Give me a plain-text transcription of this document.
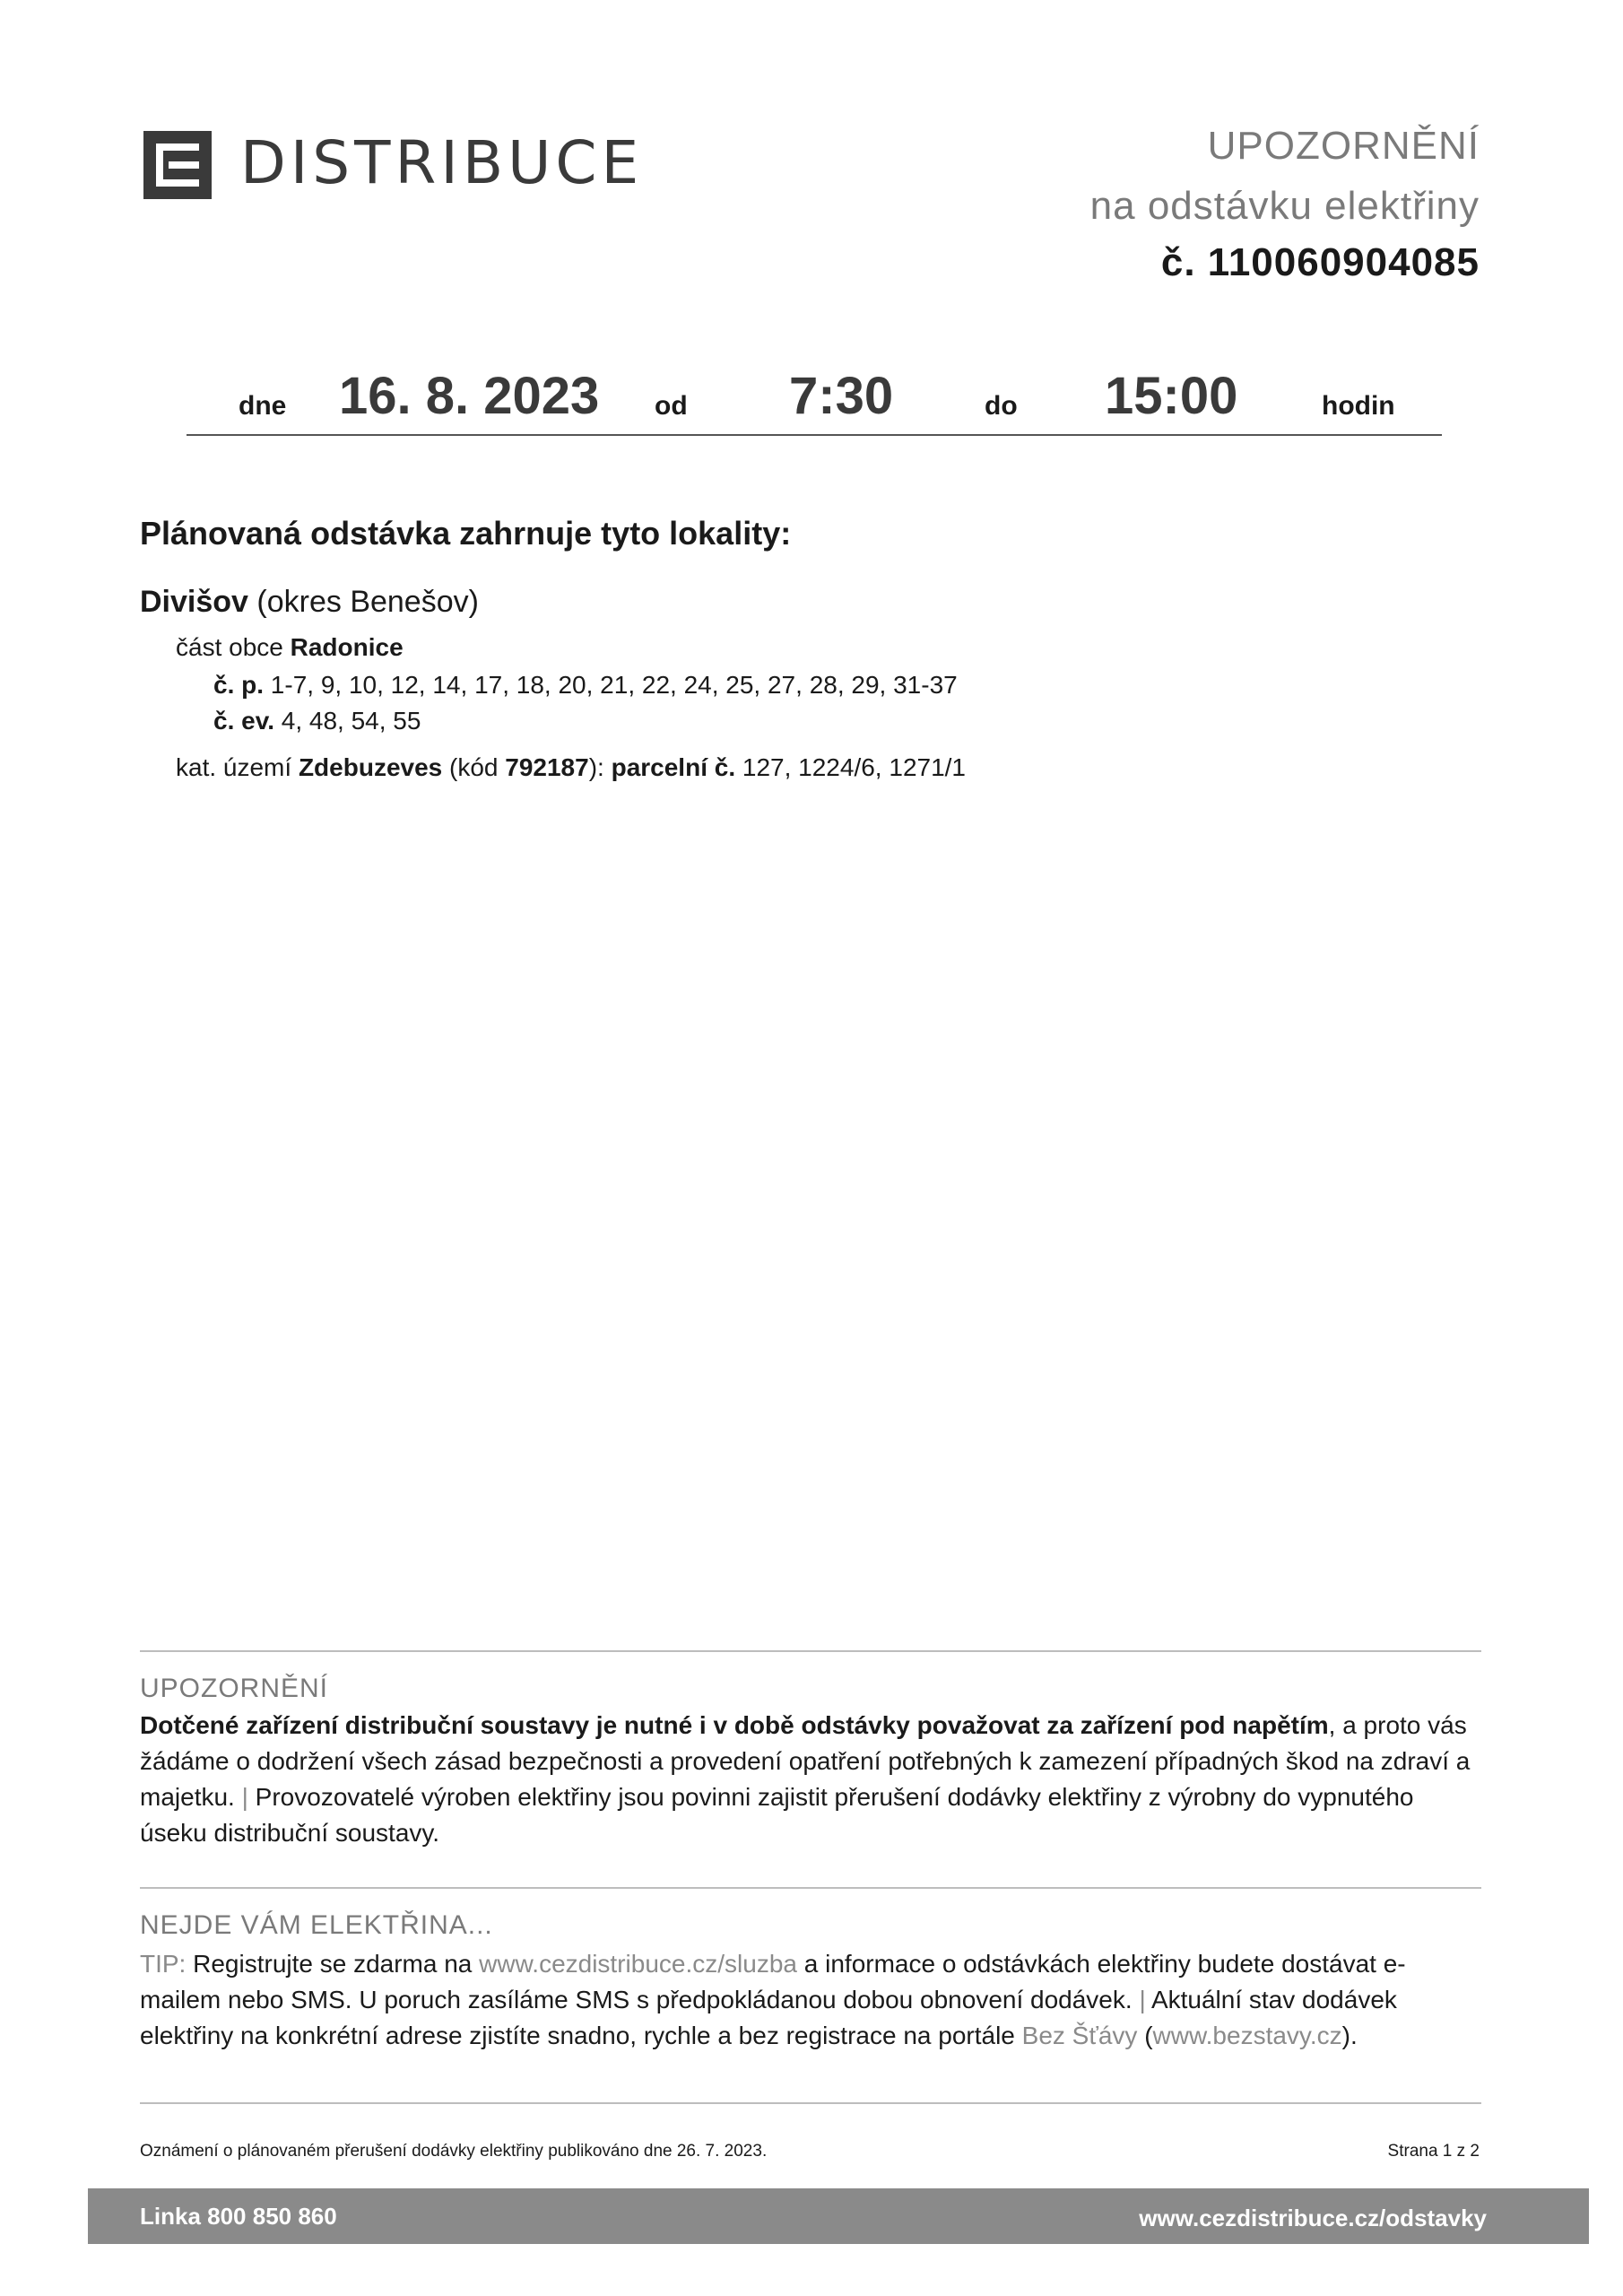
DISTRIBUCE	UPOZORNĚNÍ
na odstávku elektřiny
č. 110060904085
dne 16. 8. 2023 od 7:30	do 15:00	hodin
Plánovaná odstávka zahrnuje tyto lokality:
Divišov (okres Benešov)
část obce Radonice
č. p. 1-7, 9, 10, 12, 14, 17, 18, 20, 21, 22, 24, 25, 27, 28, 29, 31-37
č. ev. 4, 48, 54, 55
kat. území Zdebuzeves (kód 792187): parcelní č. 127, 1224/6, 1271/1
UPOZORNĚNÍ
Dotčené zařízení distribuční soustavy je nutné i v době odstávky považovat za zařízení pod napětím, a proto vás žádáme o dodržení všech zásad bezpečnosti a provedení opatření potřebných k zamezení případných škod na zdraví a majetku. | Provozovatelé výroben elektřiny jsou povinni zajistit přerušení dodávky elektřiny z výrobny do vypnutého úseku distribuční soustavy.
NEJDE VÁM ELEKTŘINA...
TIP: Registrujte se zdarma na www.cezdistribuce.cz/sluzba a informace o odstávkách elektřiny budete dostávat e-mailem nebo SMS. U poruch zasíláme SMS s předpokládanou dobou obnovení dodávek. | Aktuální stav dodávek elektřiny na konkrétní adrese zjistíte snadno, rychle a bez registrace na portále Bez Šťávy (www.bezstavy.cz).
Oznámení o plánovaném přerušení dodávky elektřiny publikováno dne 26. 7. 2023.	Strana 1 z 2
Linka 800 850 860	www.cezdistribuce.cz/odstavky
